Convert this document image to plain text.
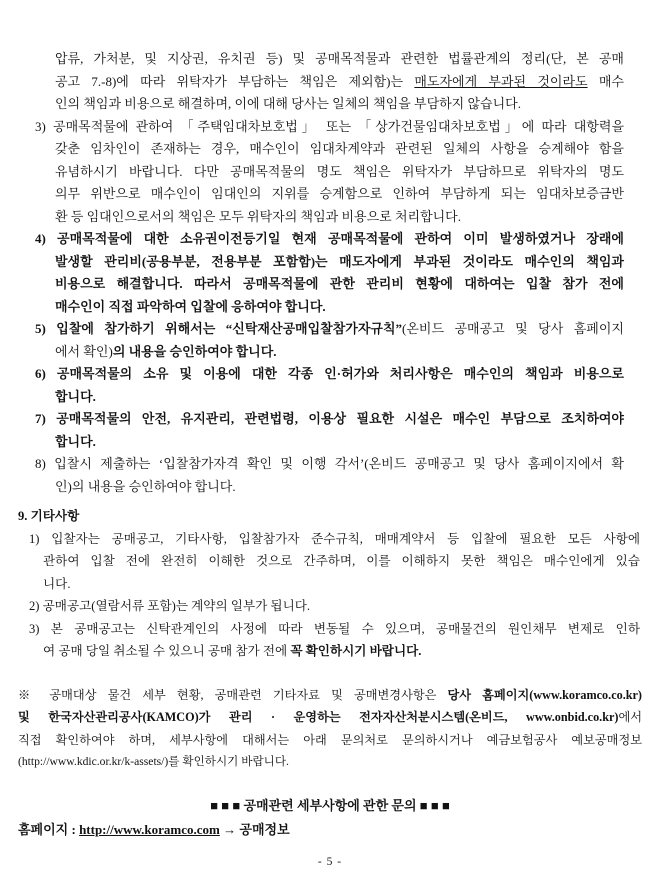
압류, 가처분, 및 지상권, 유치권 등) 및 공매목적물과 관련한 법률관계의 정리(단, 본 공매
공고 7.-8)에 따라 위탁자가 부담하는 책임은 제외함)는 매도자에게 부과된 것이라도 매수
인의 책임과 비용으로 해결하며, 이에 대해 당사는 일체의 책임을 부담하지 않습니다.
3) 공매목적물에 관하여 「주택임대차보호법」 또는 「상가건물임대차보호법」에 따라 대항력을
갖춘 임차인이 존재하는 경우, 매수인이 임대차계약과 관련된 일체의 사항을 승계해야 함을
유념하시기 바랍니다. 다만 공매목적물의 명도 책임은 위탁자가 부담하므로 위탁자의 명도
의무 위반으로 매수인이 임대인의 지위를 승계함으로 인하여 부담하게 되는 임대차보증금반
환 등 임대인으로서의 책임은 모두 위탁자의 책임과 비용으로 처리합니다.
4) 공매목적물에 대한 소유권이전등기일 현재 공매목적물에 관하여 이미 발생하였거나 장래에
발생할 관리비(공용부분, 전용부분 포함함)는 매도자에게 부과된 것이라도 매수인의 책임과
비용으로 해결합니다. 따라서 공매목적물에 관한 관리비 현황에 대하여는 입찰 참가 전에
매수인이 직접 파악하여 입찰에 응하여야 합니다.
5) 입찰에 참가하기 위해서는 “신탁재산공매입찰참가자규칙”(온비드 공매공고 및 당사 홈페이지
에서 확인)의 내용을 승인하여야 합니다.
6) 공매목적물의 소유 및 이용에 대한 각종 인·허가와 처리사항은 매수인의 책임과 비용으로
합니다.
7) 공매목적물의 안전, 유지관리, 관련법령, 이용상 필요한 시설은 매수인 부담으로 조치하여야
합니다.
8) 입찰시 제출하는 ‘입찰참가자격 확인 및 이행 각서’(온비드 공매공고 및 당사 홈페이지에서 확
인)의 내용을 승인하여야 합니다.
9. 기타사항
1) 입찰자는 공매공고, 기타사항, 입찰참가자 준수규칙, 매매계약서 등 입찰에 필요한 모든 사항에
관하여 입찰 전에 완전히 이해한 것으로 간주하며, 이를 이해하지 못한 책임은 매수인에게 있습
니다.
2) 공매공고(열람서류 포함)는 계약의 일부가 됩니다.
3) 본 공매공고는 신탁관계인의 사정에 따라 변동될 수 있으며, 공매물건의 원인채무 변제로 인하
여 공매 당일 취소될 수 있으니 공매 참가 전에 꼭 확인하시기 바랍니다.
※ 공매대상 물건 세부 현황, 공매관련 기타자료 및 공매변경사항은 당사 홈페이지(www.koramco.co.kr)
및 한국자산관리공사(KAMCO)가 관리 · 운영하는 전자자산처분시스템(온비드, www.onbid.co.kr)에서
직접 확인하여야 하며, 세부사항에 대해서는 아래 문의처로 문의하시거나 예금보험공사 예보공매정보
(http://www.kdic.or.kr/k-assets/)를 확인하시기 바랍니다.
■ ■ ■ 공매관련 세부사항에 관한 문의 ■ ■ ■
홈페이지 : http://www.koramco.com → 공매정보
- 5 -
